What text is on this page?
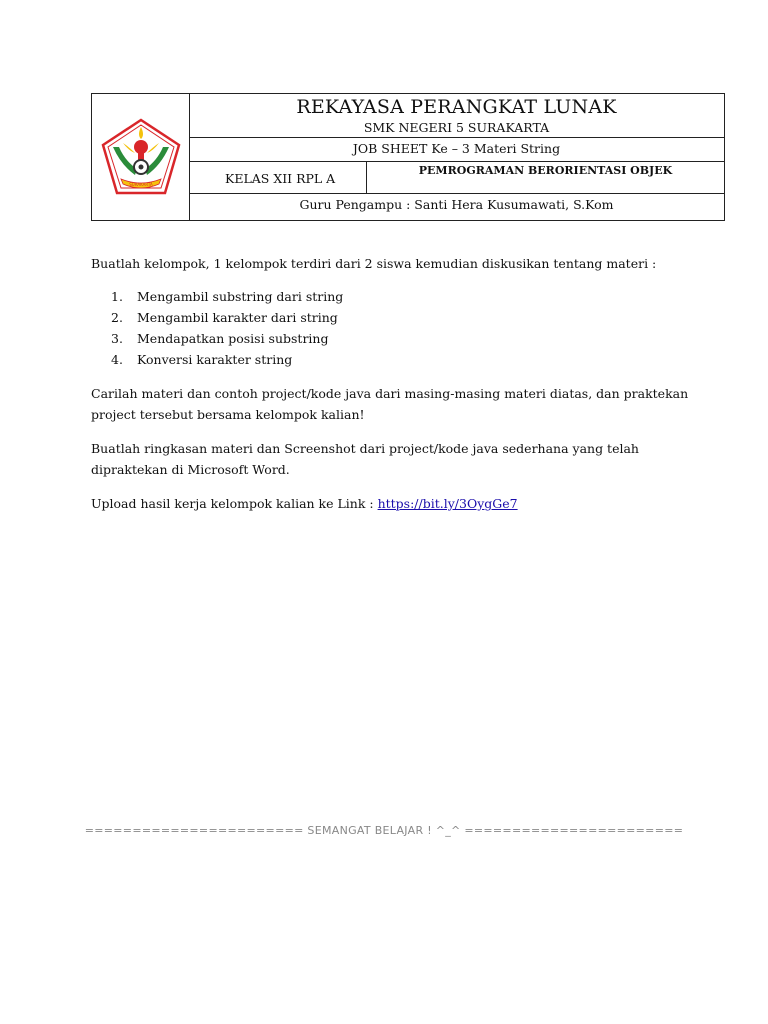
SURAKARTA
REKAYASA PERANGKAT LUNAK
SMK NEGERI 5 SURAKARTA
JOB SHEET Ke – 3 Materi String
KELAS XII RPL A
PEMROGRAMAN BERORIENTASI OBJEK
Guru Pengampu : Santi Hera Kusumawati, S.Kom
Buatlah kelompok, 1 kelompok terdiri dari 2 siswa kemudian diskusikan tentang materi :
1. Mengambil substring dari string
2. Mengambil karakter dari string
3. Mendapatkan posisi substring
4. Konversi karakter string
Carilah materi dan contoh project/kode java dari masing-masing materi diatas, dan praktekan project tersebut bersama kelompok kalian!
Buatlah ringkasan materi dan Screenshot dari project/kode java sederhana yang telah dipraktekan di Microsoft Word.
Upload hasil kerja kelompok kalian ke Link : https://bit.ly/3OygGe7
======================= SEMANGAT BELAJAR ! ^_^ =======================
